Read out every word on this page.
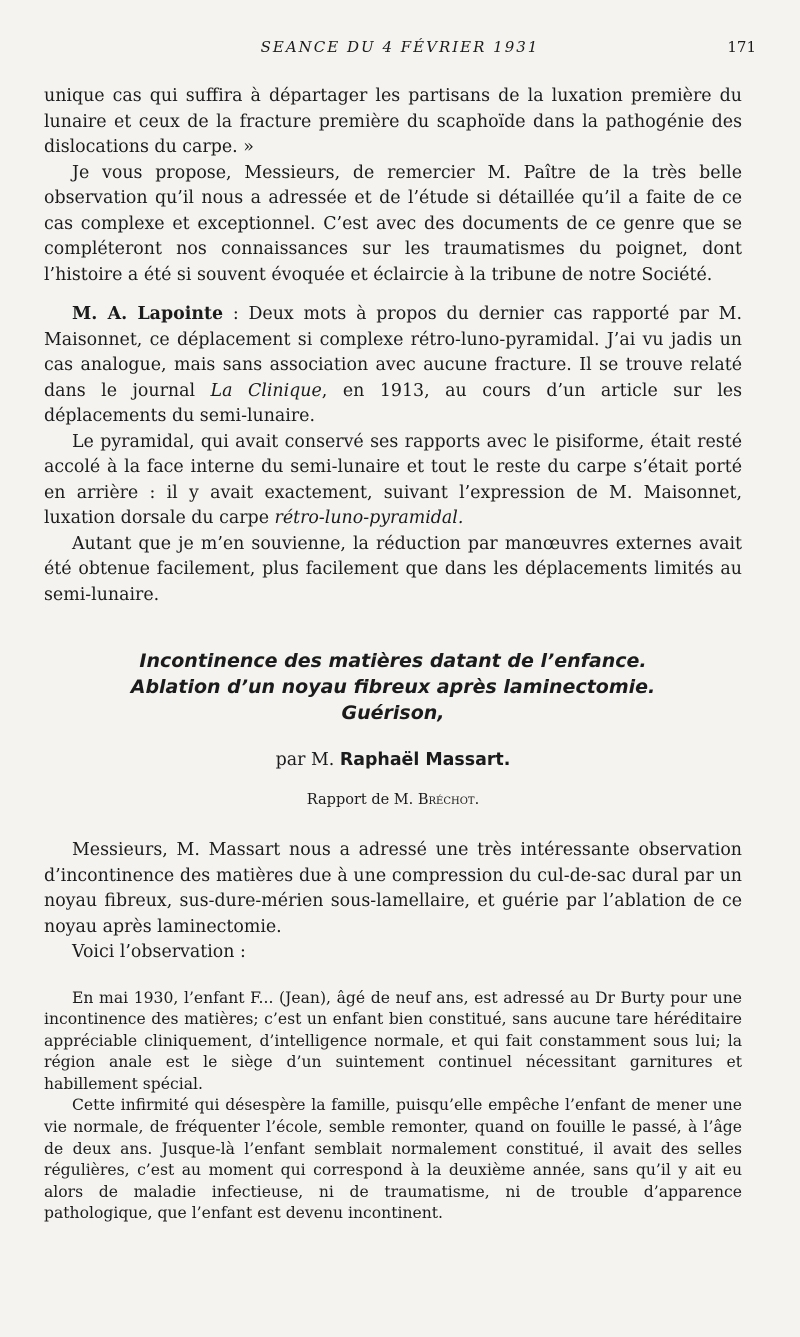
SEANCE DU 4 FÉVRIER 1931	171

unique cas qui suffira à départager les partisans de la luxation première du lunaire et ceux de la fracture première du scaphoïde dans la pathogénie des dislocations du carpe. »

Je vous propose, Messieurs, de remercier M. Paître de la très belle observation qu’il nous a adressée et de l’étude si détaillée qu’il a faite de ce cas complexe et exceptionnel. C’est avec des documents de ce genre que se compléteront nos connaissances sur les traumatismes du poignet, dont l’histoire a été si souvent évoquée et éclaircie à la tribune de notre Société.

M. A. Lapointe : Deux mots à propos du dernier cas rapporté par M. Maisonnet, ce déplacement si complexe rétro-luno-pyramidal. J’ai vu jadis un cas analogue, mais sans association avec aucune fracture. Il se trouve relaté dans le journal La Clinique, en 1913, au cours d’un article sur les déplacements du semi-lunaire.

Le pyramidal, qui avait conservé ses rapports avec le pisiforme, était resté accolé à la face interne du semi-lunaire et tout le reste du carpe s’était porté en arrière : il y avait exactement, suivant l’expression de M. Maisonnet, luxation dorsale du carpe rétro-luno-pyramidal.

Autant que je m’en souvienne, la réduction par manœuvres externes avait été obtenue facilement, plus facilement que dans les déplacements limités au semi-lunaire.

Incontinence des matières datant de l’enfance.
Ablation d’un noyau fibreux après laminectomie.
Guérison,
par M. Raphaël Massart.
Rapport de M. Bréchot.

Messieurs, M. Massart nous a adressé une très intéressante observation d’incontinence des matières due à une compression du cul-de-sac dural par un noyau fibreux, sus-dure-mérien sous-lamellaire, et guérie par l’ablation de ce noyau après laminectomie.

Voici l’observation :

En mai 1930, l’enfant F... (Jean), âgé de neuf ans, est adressé au Dr Burty pour une incontinence des matières; c’est un enfant bien constitué, sans aucune tare héréditaire appréciable cliniquement, d’intelligence normale, et qui fait constamment sous lui; la région anale est le siège d’un suintement continuel nécessitant garnitures et habillement spécial.

Cette infirmité qui désespère la famille, puisqu’elle empêche l’enfant de mener une vie normale, de fréquenter l’école, semble remonter, quand on fouille le passé, à l’âge de deux ans. Jusque-là l’enfant semblait normalement constitué, il avait des selles régulières, c’est au moment qui correspond à la deuxième année, sans qu’il y ait eu alors de maladie infectieuse, ni de traumatisme, ni de trouble d’apparence pathologique, que l’enfant est devenu incontinent.
